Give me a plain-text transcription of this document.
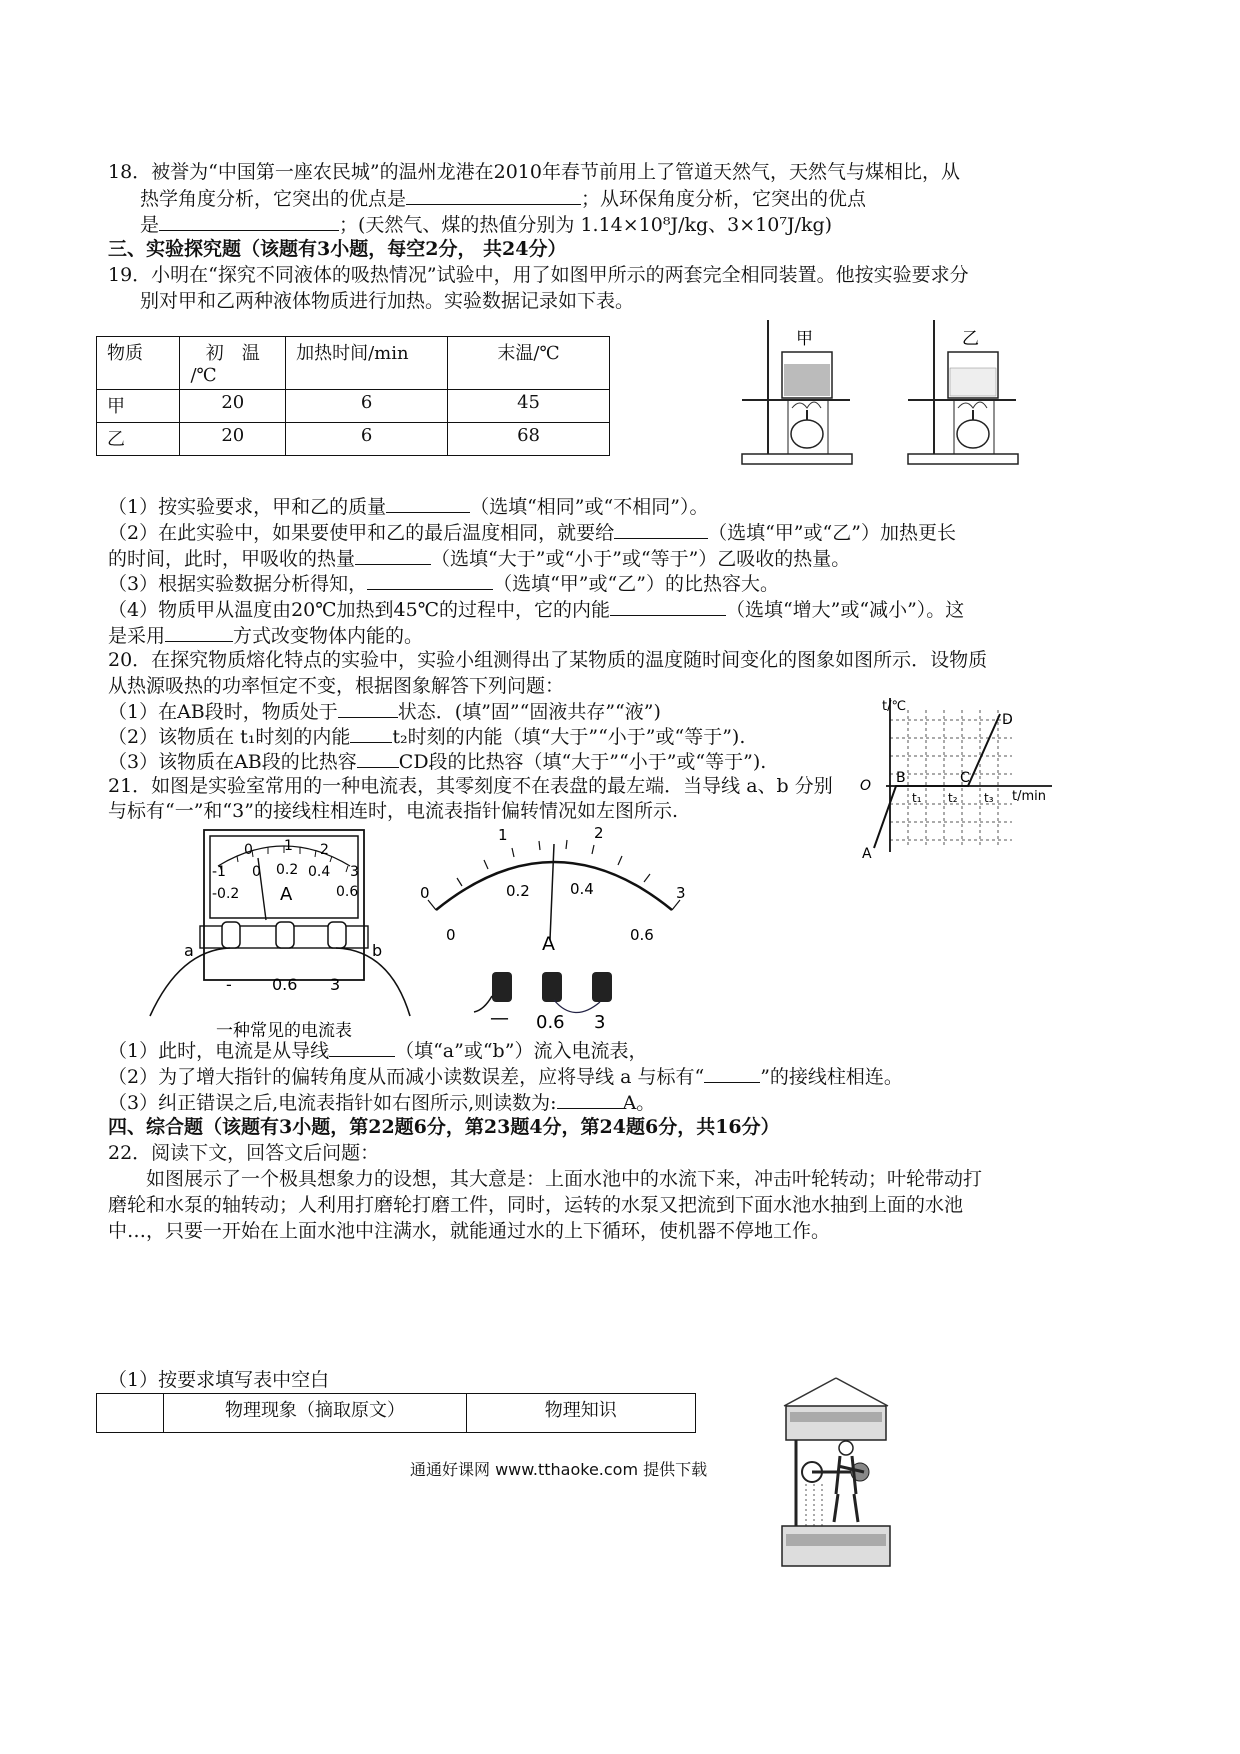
18．被誉为“中国第一座农民城”的温州龙港在2010年春节前用上了管道天然气，天然气与煤相比，从
热学角度分析，它突出的优点是	；从环保角度分析，它突出的优点
是	；(天然气、煤的热值分别为 1.14×10⁸J/kg、3×10⁷J/kg)
三、实验探究题（该题有3小题，每空2分， 共24分）
19．小明在“探究不同液体的吸热情况”试验中，用了如图甲所示的两套完全相同装置。他按实验要求分
别对甲和乙两种液体物质进行加热。实验数据记录如下表。
物质	初　温
/℃	加热时间/min	末温/℃
甲	20	6	45
乙	20	6	68
甲	乙
（1）按实验要求，甲和乙的质量	（选填“相同”或“不相同”）。
（2）在此实验中，如果要使甲和乙的最后温度相同，就要给	（选填“甲”或“乙”）加热更长
的时间，此时，甲吸收的热量	（选填“大于”或“小于”或“等于”）乙吸收的热量。
（3）根据实验数据分析得知，	（选填“甲”或“乙”）的比热容大。
（4）物质甲从温度由20℃加热到45℃的过程中，它的内能	（选填“增大”或“减小”）。这
是采用	方式改变物体内能的。
20．在探究物质熔化特点的实验中，实验小组测得出了某物质的温度随时间变化的图象如图所示．设物质
从热源吸热的功率恒定不变，根据图象解答下列问题：
（1）在AB段时，物质处于	状态．(填”固”“固液共存”“液”)
（2）该物质在 t₁时刻的内能 t₂时刻的内能（填“大于”“小于”或“等于”).
（3）该物质在AB段的比热容 CD段的比热容（填“大于”“小于”或“等于”).
t/℃
t/min
O
A
B	C
D
t₁ t₂ t₃
21．如图是实验室常用的一种电流表，其零刻度不在表盘的最左端．当导线 a、b 分别
与标有“一”和“3”的接线柱相连时，电流表指针偏转情况如左图所示.
-1
0 1 2
3
-0.2
0 0.2 0.4
0.6
A
-	0.6 3
a	b
一种常见的电流表
0
1	2
3
0
0.2	0.4
0.6
A
— 0.6 3
（1）此时，电流是从导线	（填“a”或“b”）流入电流表，
（2）为了增大指针的偏转角度从而减小读数误差，应将导线 a 与标有“	”的接线柱相连。
（3）纠正错误之后,电流表指针如右图所示,则读数为:	A。
四、综合题（该题有3小题，第22题6分，第23题4分，第24题6分，共16分）
22．阅读下文，回答文后问题：
如图展示了一个极具想象力的设想，其大意是：上面水池中的水流下来，冲击叶轮转动；叶轮带动打
磨轮和水泵的轴转动；人利用打磨轮打磨工件，同时，运转的水泵又把流到下面水池水抽到上面的水池
中…，只要一开始在上面水池中注满水，就能通过水的上下循环，使机器不停地工作。
（1）按要求填写表中空白
	物理现象（摘取原文）	物理知识
通通好课网 www.tthaoke.com 提供下载
